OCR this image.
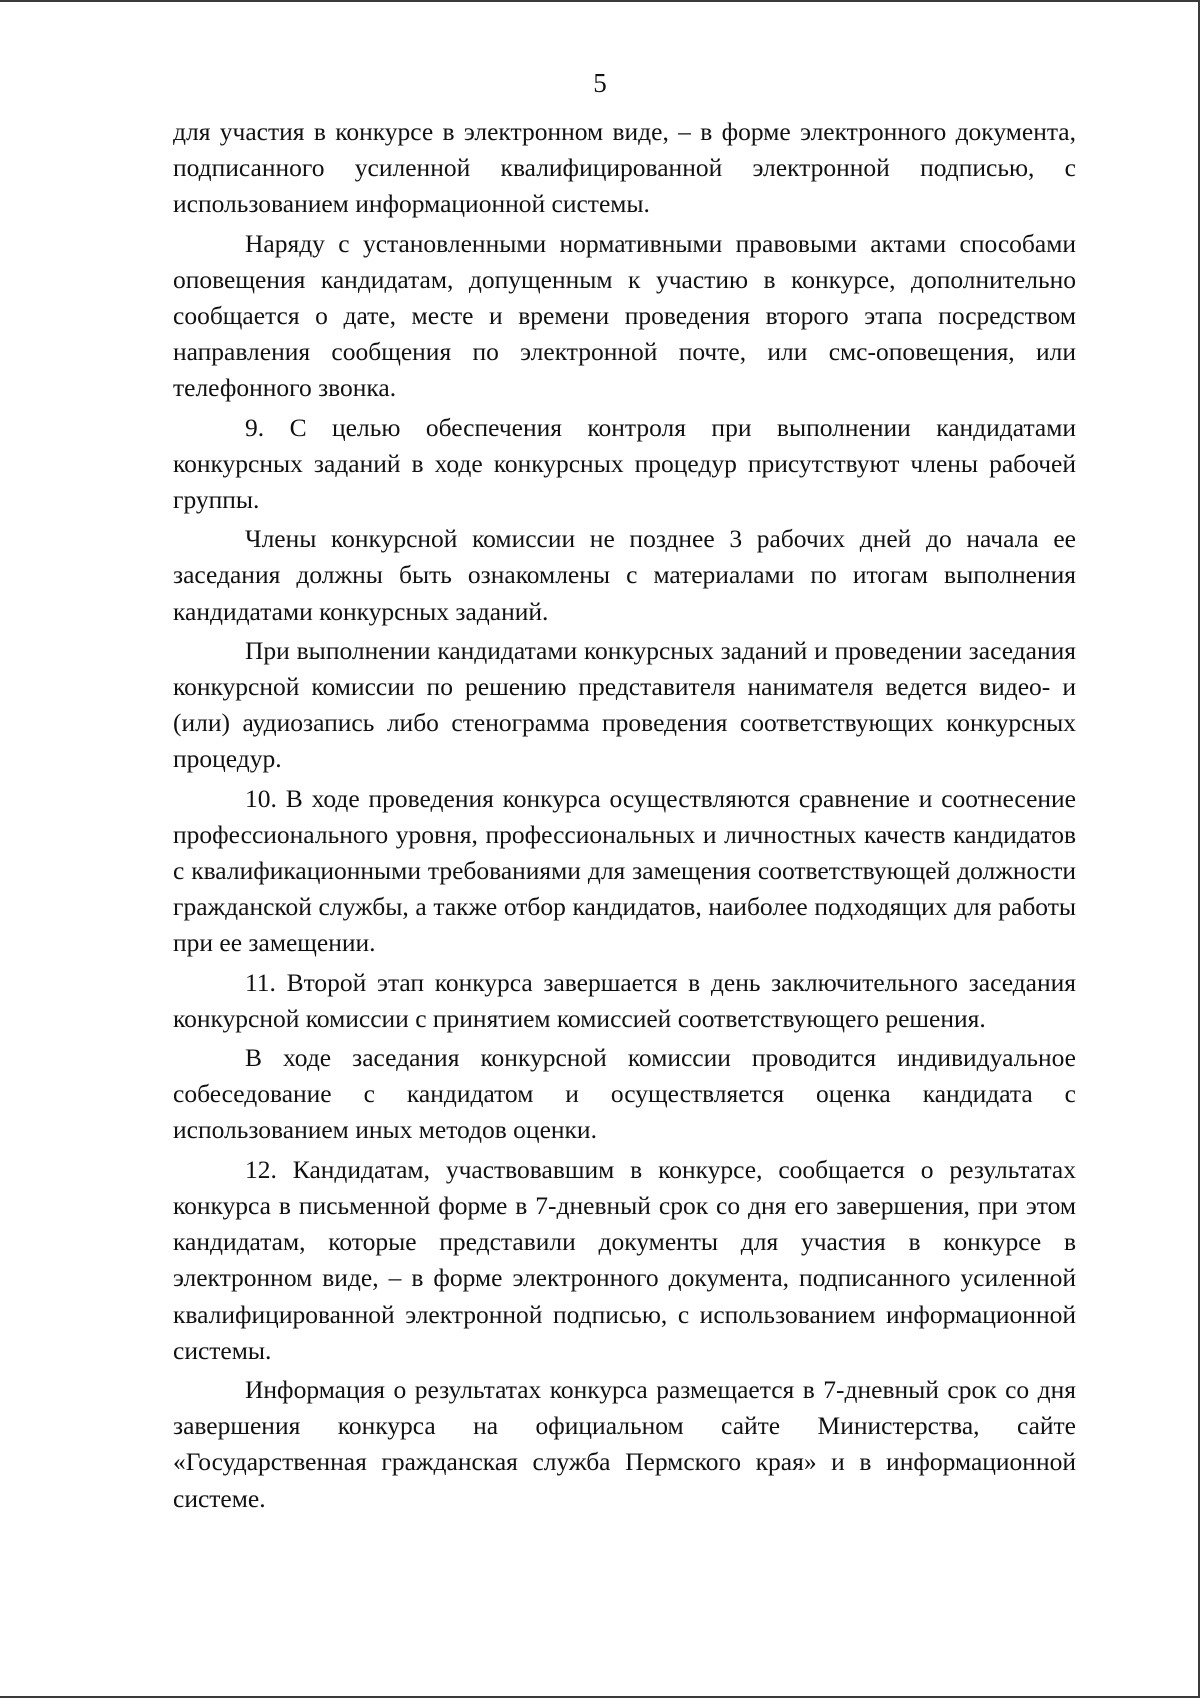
5

для участия в конкурсе в электронном виде, – в форме электронного документа, подписанного усиленной квалифицированной электронной подписью, с использованием информационной системы.

Наряду с установленными нормативными правовыми актами способами оповещения кандидатам, допущенным к участию в конкурсе, дополнительно сообщается о дате, месте и времени проведения второго этапа посредством направления сообщения по электронной почте, или смс-оповещения, или телефонного звонка.

9. С целью обеспечения контроля при выполнении кандидатами конкурсных заданий в ходе конкурсных процедур присутствуют члены рабочей группы.

Члены конкурсной комиссии не позднее 3 рабочих дней до начала ее заседания должны быть ознакомлены с материалами по итогам выполнения кандидатами конкурсных заданий.

При выполнении кандидатами конкурсных заданий и проведении заседания конкурсной комиссии по решению представителя нанимателя ведется видео- и (или) аудиозапись либо стенограмма проведения соответствующих конкурсных процедур.

10. В ходе проведения конкурса осуществляются сравнение и соотнесение профессионального уровня, профессиональных и личностных качеств кандидатов с квалификационными требованиями для замещения соответствующей должности гражданской службы, а также отбор кандидатов, наиболее подходящих для работы при ее замещении.

11. Второй этап конкурса завершается в день заключительного заседания конкурсной комиссии с принятием комиссией соответствующего решения.

В ходе заседания конкурсной комиссии проводится индивидуальное собеседование с кандидатом и осуществляется оценка кандидата с использованием иных методов оценки.

12. Кандидатам, участвовавшим в конкурсе, сообщается о результатах конкурса в письменной форме в 7-дневный срок со дня его завершения, при этом кандидатам, которые представили документы для участия в конкурсе в электронном виде, – в форме электронного документа, подписанного усиленной квалифицированной электронной подписью, с использованием информационной системы.

Информация о результатах конкурса размещается в 7-дневный срок со дня завершения конкурса на официальном сайте Министерства, сайте «Государственная гражданская служба Пермского края» и в информационной системе.
